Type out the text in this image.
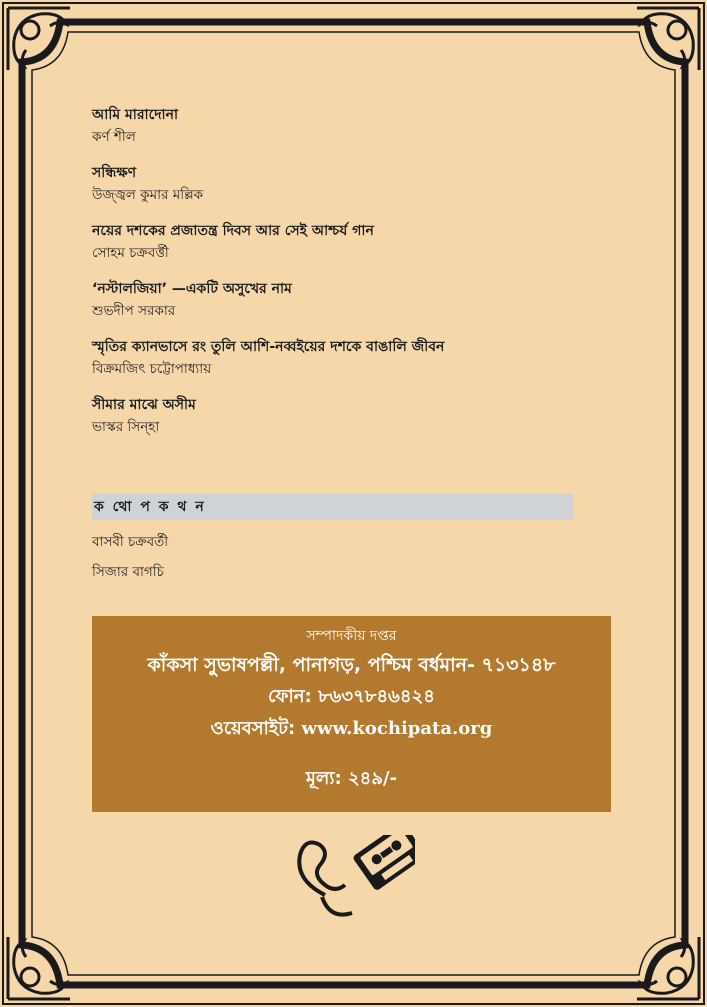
আমি মারাদোনা
কর্ণ শীল
সন্ধিক্ষণ
উজ্জ্বল কুমার মল্লিক
নয়ের দশকের প্রজাতন্ত্র দিবস আর সেই আশ্চর্য গান
সোহম চক্রবর্ত্তী
‘নস্টালজিয়া’ —একটি অসুখের নাম
শুভদীপ সরকার
স্মৃতির ক্যানভাসে রং তুলি আশি-নব্বইয়ের দশকে বাঙালি জীবন
বিক্রমজিৎ চট্টোপাধ্যায়
সীমার মাঝে অসীম
ভাস্কর সিন্‌হা
ক থো প ক থ ন
বাসবী চক্রবর্তী
সিজার বাগচি
সম্পাদকীয় দপ্তর
কাঁকসা সুভাষপল্লী, পানাগড়, পশ্চিম বর্ধমান- ৭১৩১৪৮
ফোন: ৮৬৩৭৮৪৬৪২৪
ওয়েবসাইট: www.kochipata.org
মূল্য: ২৪৯/-
